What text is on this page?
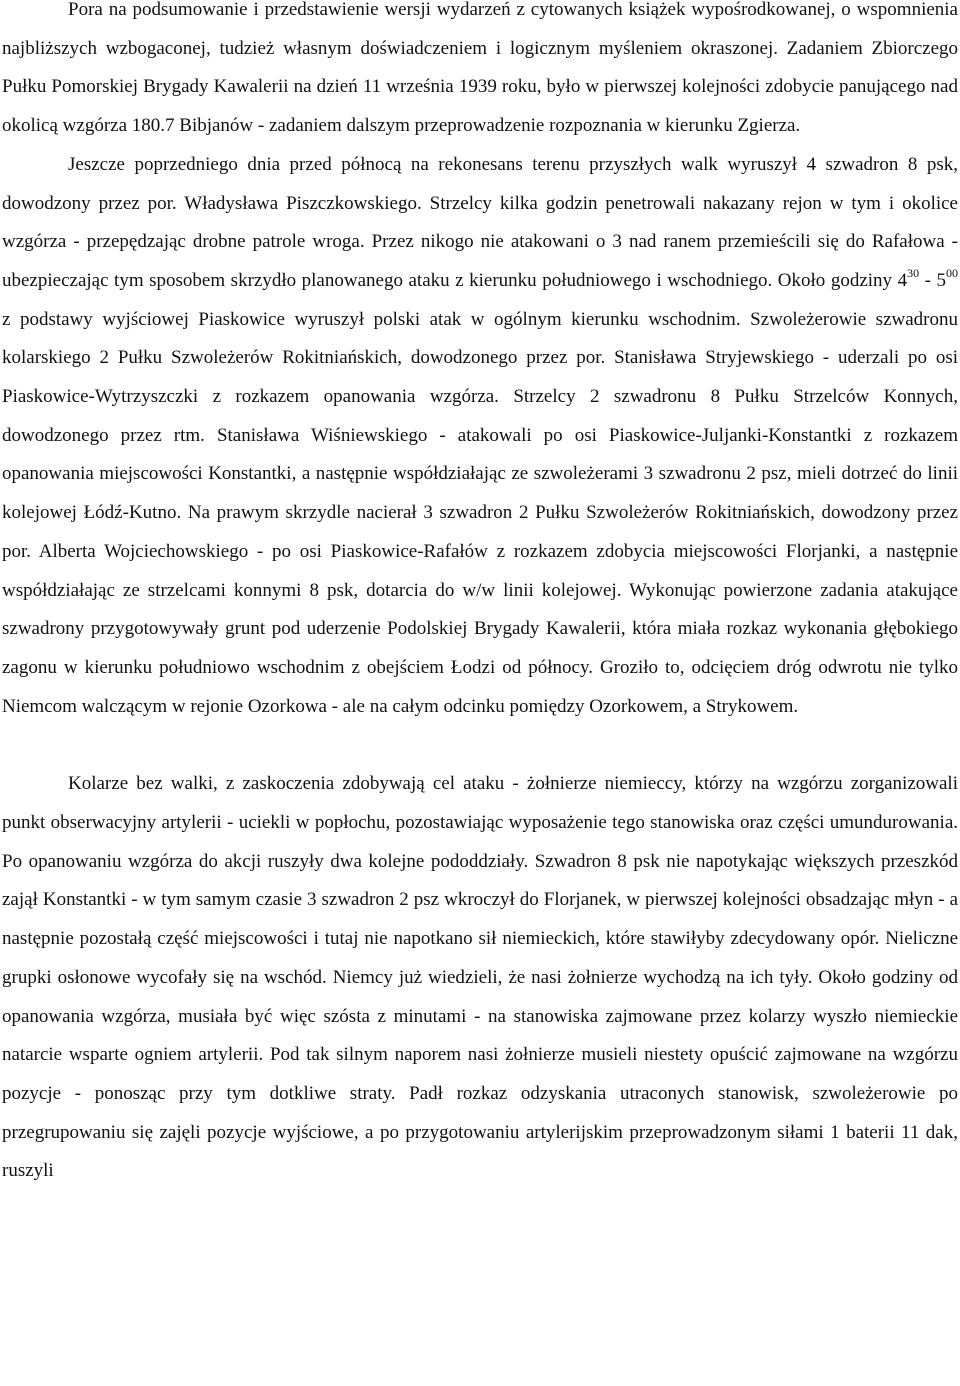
Pora na podsumowanie i przedstawienie wersji wydarzeń z cytowanych książek wypośrodkowanej, o wspomnienia najbliższych wzbogaconej, tudzież własnym doświadczeniem i logicznym myśleniem okraszonej. Zadaniem Zbiorczego Pułku Pomorskiej Brygady Kawalerii na dzień 11 września 1939 roku, było w pierwszej kolejności zdobycie panującego nad okolicą wzgórza 180.7 Bibjanów - zadaniem dalszym przeprowadzenie rozpoznania w kierunku Zgierza.

Jeszcze poprzedniego dnia przed północą na rekonesans terenu przyszłych walk wyruszył 4 szwadron 8 psk, dowodzony przez por. Władysława Piszczkowskiego. Strzelcy kilka godzin penetrowali nakazany rejon w tym i okolice wzgórza - przepędzając drobne patrole wroga. Przez nikogo nie atakowani o 3 nad ranem przemieścili się do Rafałowa - ubezpieczając tym sposobem skrzydło planowanego ataku z kierunku południowego i wschodniego. Około godziny $4^{30} - 5^{00}$ z podstawy wyjściowej Piaskowice wyruszył polski atak w ogólnym kierunku wschodnim. Szwoleżerowie szwadronu kolarskiego 2 Pułku Szwoleżerów Rokitniańskich, dowodzonego przez por. Stanisława Stryjewskiego - uderzali po osi Piaskowice-Wytrzyszczki z rozkazem opanowania wzgórza. Strzelcy 2 szwadronu 8 Pułku Strzelców Konnych, dowodzonego przez rtm. Stanisława Wiśniewskiego - atakowali po osi Piaskowice-Juljanki-Konstantki z rozkazem opanowania miejscowości Konstantki, a następnie współdziałając ze szwoleżerami 3 szwadronu 2 psz, mieli dotrzeć do linii kolejowej Łódź-Kutno. Na prawym skrzydle nacierał 3 szwadron 2 Pułku Szwoleżerów Rokitniańskich, dowodzony przez por. Alberta Wojciechowskiego - po osi Piaskowice-Rafałów z rozkazem zdobycia miejscowości Florjanki, a następnie współdziałając ze strzelcami konnymi 8 psk, dotarcia do w/w linii kolejowej. Wykonując powierzone zadania atakujące szwadrony przygotowywały grunt pod uderzenie Podolskiej Brygady Kawalerii, która miała rozkaz wykonania głębokiego zagonu w kierunku południowo wschodnim z obejściem Łodzi od północy. Groziło to, odcięciem dróg odwrotu nie tylko Niemcom walczącym w rejonie Ozorkowa - ale na całym odcinku pomiędzy Ozorkowem, a Strykowem.

Kolarze bez walki, z zaskoczenia zdobywają cel ataku - żołnierze niemieccy, którzy na wzgórzu zorganizowali punkt obserwacyjny artylerii - uciekli w popłochu, pozostawiając wyposażenie tego stanowiska oraz części umundurowania. Po opanowaniu wzgórza do akcji ruszyły dwa kolejne pododdziały. Szwadron 8 psk nie napotykając większych przeszkód zajął Konstantki - w tym samym czasie 3 szwadron 2 psz wkroczył do Florjanek, w pierwszej kolejności obsadzając młyn - a następnie pozostałą część miejscowości i tutaj nie napotkano sił niemieckich, które stawiłyby zdecydowany opór. Nieliczne grupki osłonowe wycofały się na wschód. Niemcy już wiedzieli, że nasi żołnierze wychodzą na ich tyły. Około godziny od opanowania wzgórza, musiała być więc szósta z minutami - na stanowiska zajmowane przez kolarzy wyszło niemieckie natarcie wsparte ogniem artylerii. Pod tak silnym naporem nasi żołnierze musieli niestety opuścić zajmowane na wzgórzu pozycje - ponosząc przy tym dotkliwe straty. Padł rozkaz odzyskania utraconych stanowisk, szwoleżerowie po przegrupowaniu się zajęli pozycje wyjściowe, a po przygotowaniu artylerijskim przeprowadzonym siłami 1 baterii 11 dak, ruszyli
